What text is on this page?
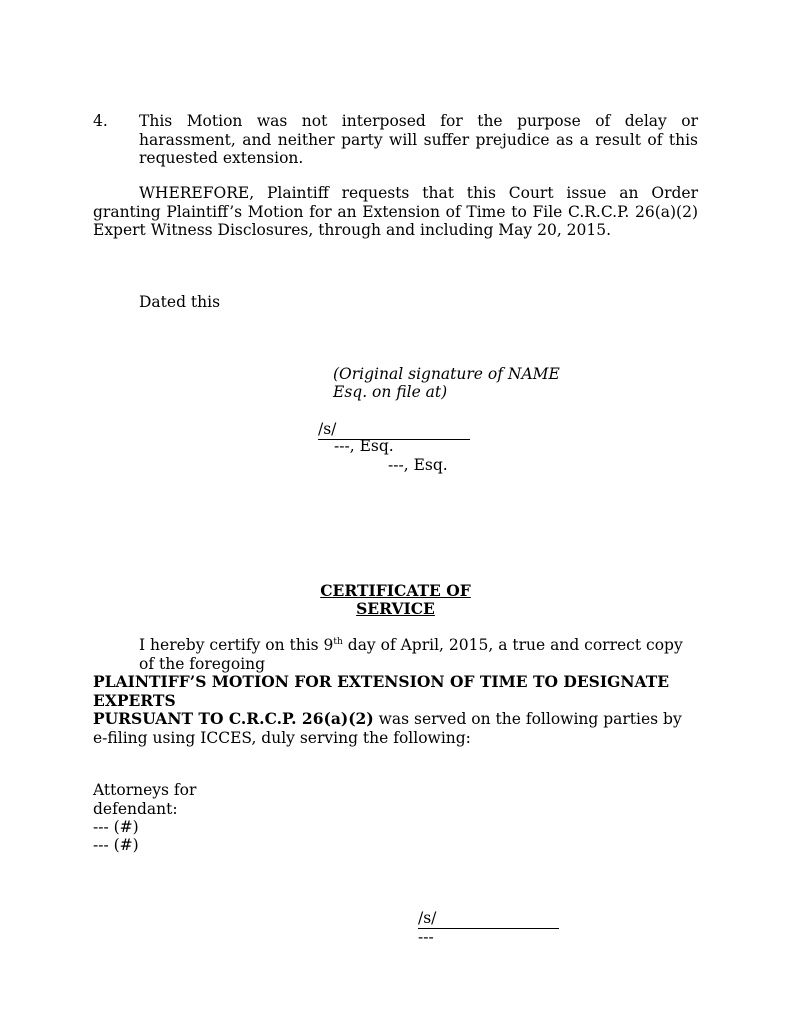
4. This Motion was not interposed for the purpose of delay or harassment, and neither party will suffer prejudice as a result of this requested extension.
WHEREFORE, Plaintiff requests that this Court issue an Order granting Plaintiff’s Motion for an Extension of Time to File C.R.C.P. 26(a)(2) Expert Witness Disclosures, through and including May 20, 2015.
Dated this
(Original signature of NAME
Esq. on file at)
/s/
---, Esq.
---, Esq.
CERTIFICATE OF
SERVICE
I hereby certify on this 9th day of April, 2015, a true and correct copy of the foregoing
PLAINTIFF’S MOTION FOR EXTENSION OF TIME TO DESIGNATE EXPERTS
PURSUANT TO C.R.C.P. 26(a)(2) was served on the following parties by e-filing using ICCES, duly serving the following:
Attorneys for
defendant:
--- (#)
--- (#)
/s/
---
